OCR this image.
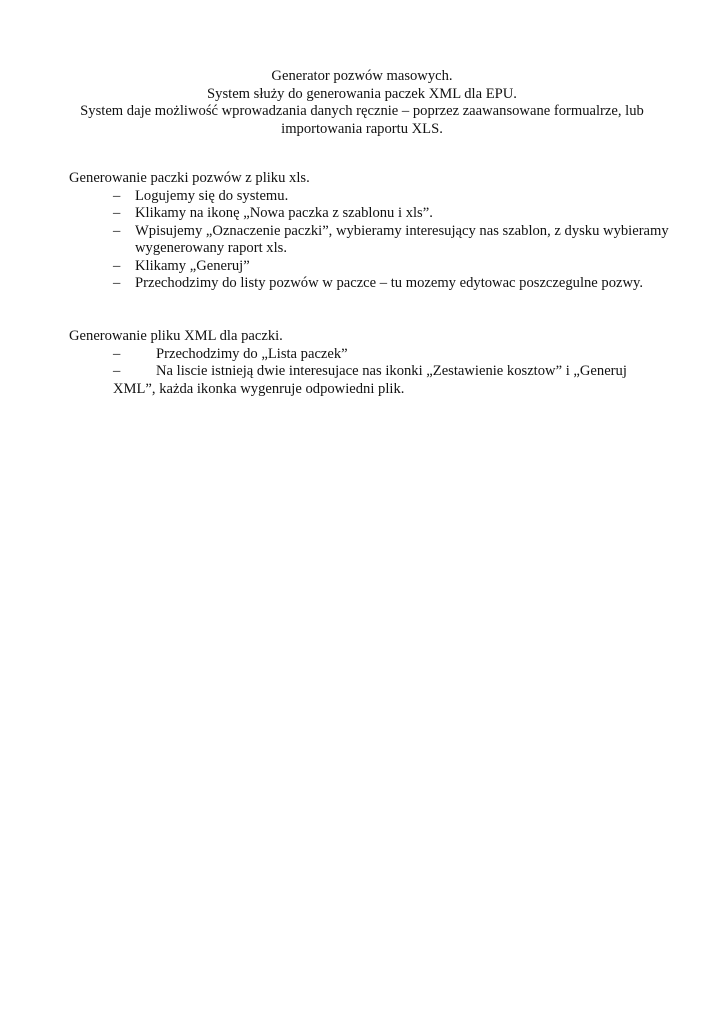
Generator pozwów masowych.
System służy do generowania paczek XML dla EPU.
System daje możliwość wprowadzania danych ręcznie – poprzez zaawansowane formualrze, lub
importowania raportu XLS.

Generowanie paczki pozwów z pliku xls.

– Logujemy się do systemu.
– Klikamy na ikonę „Nowa paczka z szablonu i xls”.
– Wpisujemy „Oznaczenie paczki”, wybieramy interesujący nas szablon, z dysku wybieramy wygenerowany raport xls.
– Klikamy „Generuj”
– Przechodzimy do listy pozwów w paczce – tu mozemy edytowac poszczegulne pozwy.

Generowanie pliku XML dla paczki.

– Przechodzimy do „Lista paczek”
–	Na liscie istnieją dwie interesujace nas ikonki „Zestawienie kosztow” i „Generuj XML”, każda ikonka wygenruje odpowiedni plik.
